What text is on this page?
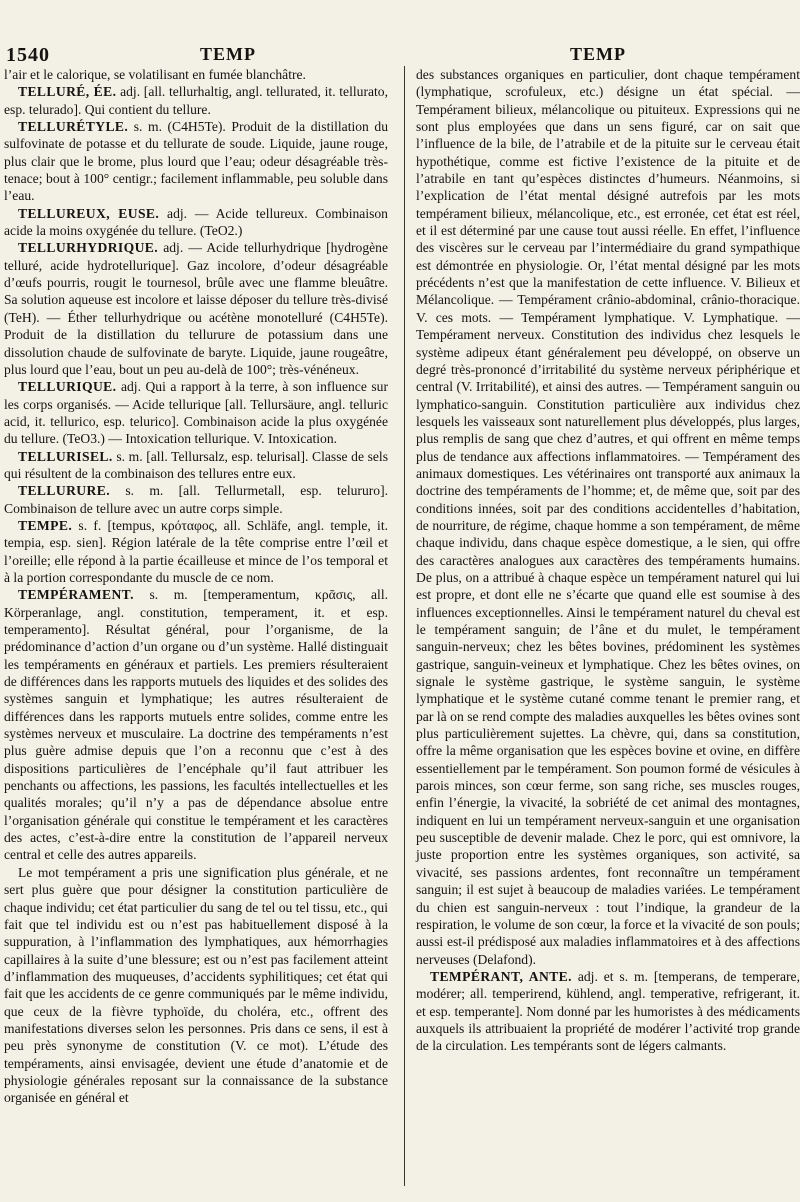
1540	TEMP	TEMP

l’air et le calorique, se volatilisant en fumée blanchâtre.

TELLURÉ, ÉE. adj. [all. tellurhaltig, angl. tellurated, it. tellurato, esp. telurado]. Qui contient du tellure.

TELLURÉTYLE. s. m. (C4H5Te). Produit de la distillation du sulfovinate de potasse et du tellurate de soude. Liquide, jaune rouge, plus clair que le brome, plus lourd que l’eau; odeur désagréable très-tenace; bout à 100° centigr.; facilement inflammable, peu soluble dans l’eau.

TELLUREUX, EUSE. adj. — Acide tellureux. Combinaison acide la moins oxygénée du tellure. (TeO2.)

TELLURHYDRIQUE. adj. — Acide tellurhydrique [hydrogène telluré, acide hydrotellurique]. Gaz incolore, d’odeur désagréable d’œufs pourris, rougit le tournesol, brûle avec une flamme bleuâtre. Sa solution aqueuse est incolore et laisse déposer du tellure très-divisé (TeH). — Éther tellurhydrique ou acétène monotelluré (C4H5Te). Produit de la distillation du tellurure de potassium dans une dissolution chaude de sulfovinate de baryte. Liquide, jaune rougeâtre, plus lourd que l’eau, bout un peu au-delà de 100°; très-vénéneux.

TELLURIQUE. adj. Qui a rapport à la terre, à son influence sur les corps organisés. — Acide tellurique [all. Tellursäure, angl. telluric acid, it. tellurico, esp. telurico]. Combinaison acide la plus oxygénée du tellure. (TeO3.) — Intoxication tellurique. V. Intoxication.

TELLURISEL. s. m. [all. Tellursalz, esp. telurisal]. Classe de sels qui résultent de la combinaison des tellures entre eux.

TELLURURE. s. m. [all. Tellurmetall, esp. telururo]. Combinaison de tellure avec un autre corps simple.

TEMPE. s. f. [tempus, κρόταφος, all. Schläfe, angl. temple, it. tempia, esp. sien]. Région latérale de la tête comprise entre l’œil et l’oreille; elle répond à la partie écailleuse et mince de l’os temporal et à la portion correspondante du muscle de ce nom.

TEMPÉRAMENT. s. m. [temperamentum, κρᾶσις, all. Körperanlage, angl. constitution, temperament, it. et esp. temperamento]. Résultat général, pour l’organisme, de la prédominance d’action d’un organe ou d’un système. Hallé distinguait les tempéraments en généraux et partiels. Les premiers résulteraient de différences dans les rapports mutuels des liquides et des solides des systèmes sanguin et lymphatique; les autres résulteraient de différences dans les rapports mutuels entre solides, comme entre les systèmes nerveux et musculaire. La doctrine des tempéraments n’est plus guère admise depuis que l’on a reconnu que c’est à des dispositions particulières de l’encéphale qu’il faut attribuer les penchants ou affections, les passions, les facultés intellectuelles et les qualités morales; qu’il n’y a pas de dépendance absolue entre l’organisation générale qui constitue le tempérament et les caractères des actes, c’est-à-dire entre la constitution de l’appareil nerveux central et celle des autres appareils.

Le mot tempérament a pris une signification plus générale, et ne sert plus guère que pour désigner la constitution particulière de chaque individu; cet état particulier du sang de tel ou tel tissu, etc., qui fait que tel individu est ou n’est pas habituellement disposé à la suppuration, à l’inflammation des lymphatiques, aux hémorrhagies capillaires à la suite d’une blessure; est ou n’est pas facilement atteint d’inflammation des muqueuses, d’accidents syphilitiques; cet état qui fait que les accidents de ce genre communiqués par le même individu, que ceux de la fièvre typhoïde, du choléra, etc., offrent des manifestations diverses selon les personnes. Pris dans ce sens, il est à peu près synonyme de constitution (V. ce mot). L’étude des tempéraments, ainsi envisagée, devient une étude d’anatomie et de physiologie générales reposant sur la connaissance de la substance organisée en général et

des substances organiques en particulier, dont chaque tempérament (lymphatique, scrofuleux, etc.) désigne un état spécial. — Tempérament bilieux, mélancolique ou pituiteux. Expressions qui ne sont plus employées que dans un sens figuré, car on sait que l’influence de la bile, de l’atrabile et de la pituite sur le cerveau était hypothétique, comme est fictive l’existence de la pituite et de l’atrabile en tant qu’espèces distinctes d’humeurs. Néanmoins, si l’explication de l’état mental désigné autrefois par les mots tempérament bilieux, mélancolique, etc., est erronée, cet état est réel, et il est déterminé par une cause tout aussi réelle. En effet, l’influence des viscères sur le cerveau par l’intermédiaire du grand sympathique est démontrée en physiologie. Or, l’état mental désigné par les mots précédents n’est que la manifestation de cette influence. V. Bilieux et Mélancolique. — Tempérament crânio-abdominal, crânio-thoracique. V. ces mots. — Tempérament lymphatique. V. Lymphatique. — Tempérament nerveux. Constitution des individus chez lesquels le système adipeux étant généralement peu développé, on observe un degré très-prononcé d’irritabilité du système nerveux périphérique et central (V. Irritabilité), et ainsi des autres. — Tempérament sanguin ou lymphatico-sanguin. Constitution particulière aux individus chez lesquels les vaisseaux sont naturellement plus développés, plus larges, plus remplis de sang que chez d’autres, et qui offrent en même temps plus de tendance aux affections inflammatoires. — Tempérament des animaux domestiques. Les vétérinaires ont transporté aux animaux la doctrine des tempéraments de l’homme; et, de même que, soit par des conditions innées, soit par des conditions accidentelles d’habitation, de nourriture, de régime, chaque homme a son tempérament, de même chaque individu, dans chaque espèce domestique, a le sien, qui offre des caractères analogues aux caractères des tempéraments humains. De plus, on a attribué à chaque espèce un tempérament naturel qui lui est propre, et dont elle ne s’écarte que quand elle est soumise à des influences exceptionnelles. Ainsi le tempérament naturel du cheval est le tempérament sanguin; de l’âne et du mulet, le tempérament sanguin-nerveux; chez les bêtes bovines, prédominent les systèmes gastrique, sanguin-veineux et lymphatique. Chez les bêtes ovines, on signale le système gastrique, le système sanguin, le système lymphatique et le système cutané comme tenant le premier rang, et par là on se rend compte des maladies auxquelles les bêtes ovines sont plus particulièrement sujettes. La chèvre, qui, dans sa constitution, offre la même organisation que les espèces bovine et ovine, en diffère essentiellement par le tempérament. Son poumon formé de vésicules à parois minces, son cœur ferme, son sang riche, ses muscles rouges, enfin l’énergie, la vivacité, la sobriété de cet animal des montagnes, indiquent en lui un tempérament nerveux-sanguin et une organisation peu susceptible de devenir malade. Chez le porc, qui est omnivore, la juste proportion entre les systèmes organiques, son activité, sa vivacité, ses passions ardentes, font reconnaître un tempérament sanguin; il est sujet à beaucoup de maladies variées. Le tempérament du chien est sanguin-nerveux : tout l’indique, la grandeur de la respiration, le volume de son cœur, la force et la vivacité de son pouls; aussi est-il prédisposé aux maladies inflammatoires et à des affections nerveuses (Delafond).

TEMPÉRANT, ANTE. adj. et s. m. [temperans, de temperare, modérer; all. temperirend, kühlend, angl. temperative, refrigerant, it. et esp. temperante]. Nom donné par les humoristes à des médicaments auxquels ils attribuaient la propriété de modérer l’activité trop grande de la circulation. Les tempérants sont de légers calmants.
